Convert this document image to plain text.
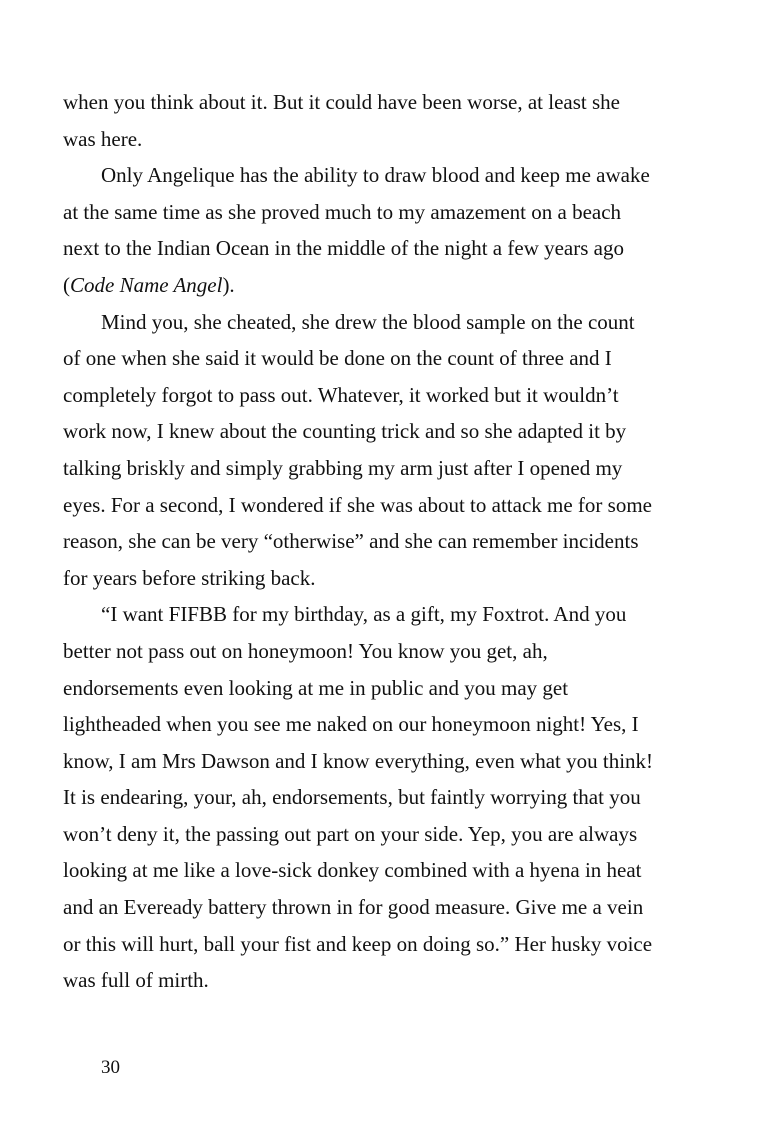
when you think about it. But it could have been worse, at least she
was here.

Only Angelique has the ability to draw blood and keep me awake
at the same time as she proved much to my amazement on a beach
next to the Indian Ocean in the middle of the night a few years ago
(Code Name Angel).

Mind you, she cheated, she drew the blood sample on the count
of one when she said it would be done on the count of three and I
completely forgot to pass out. Whatever, it worked but it wouldn’t
work now, I knew about the counting trick and so she adapted it by
talking briskly and simply grabbing my arm just after I opened my
eyes. For a second, I wondered if she was about to attack me for some
reason, she can be very “otherwise” and she can remember incidents
for years before striking back.

“I want FIFBB for my birthday, as a gift, my Foxtrot. And you
better not pass out on honeymoon! You know you get, ah,
endorsements even looking at me in public and you may get
lightheaded when you see me naked on our honeymoon night! Yes, I
know, I am Mrs Dawson and I know everything, even what you think!
It is endearing, your, ah, endorsements, but faintly worrying that you
won’t deny it, the passing out part on your side. Yep, you are always
looking at me like a love-sick donkey combined with a hyena in heat
and an Eveready battery thrown in for good measure. Give me a vein
or this will hurt, ball your fist and keep on doing so.” Her husky voice
was full of mirth.

30
